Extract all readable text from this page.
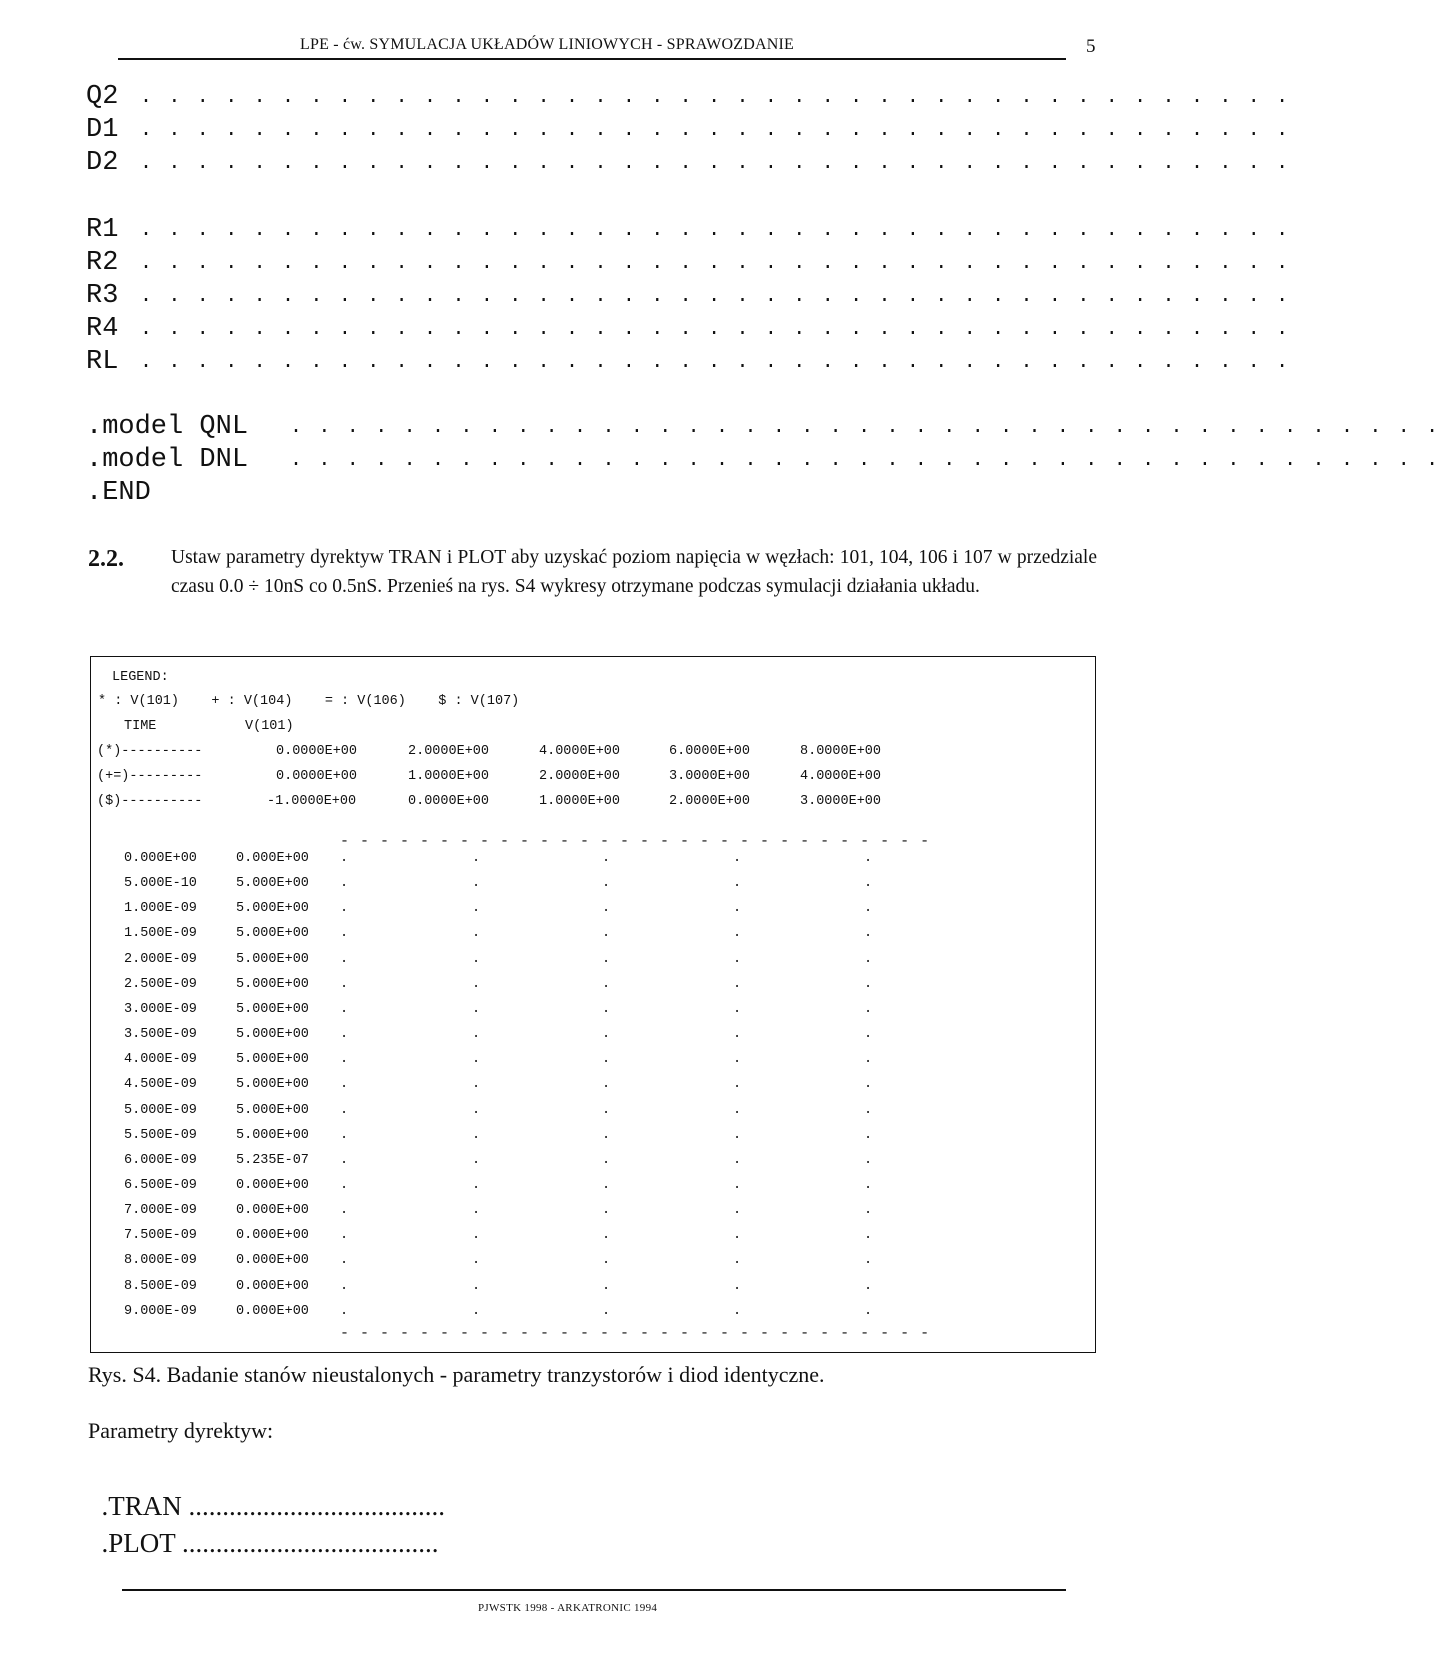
LPE - ćw. SYMULACJA UKŁADÓW LINIOWYCH - SPRAWOZDANIE	5
Q2 . . . . . . . . . . . . . . . . . . . . . . . . . . . . . . . . . . . . . . . . .
D1 . . . . . . . . . . . . . . . . . . . . . . . . . . . . . . . . . . . . . . . . .
D2 . . . . . . . . . . . . . . . . . . . . . . . . . . . . . . . . . . . . . . . . .
R1 . . . . . . . . . . . . . . . . . . . . . . . . . . . . . . . . . . . . . . . . .
R2 . . . . . . . . . . . . . . . . . . . . . . . . . . . . . . . . . . . . . . . . .
R3 . . . . . . . . . . . . . . . . . . . . . . . . . . . . . . . . . . . . . . . . .
R4 . . . . . . . . . . . . . . . . . . . . . . . . . . . . . . . . . . . . . . . . .
RL . . . . . . . . . . . . . . . . . . . . . . . . . . . . . . . . . . . . . . . . .
.model QNL . . . . . . . . . . . . . . . . . . . . . . . . . . . . . . . . . . . . . . . . .
.model DNL . . . . . . . . . . . . . . . . . . . . . . . . . . . . . . . . . . . . . . . . .
.END
2.2. Ustaw parametry dyrektyw TRAN i PLOT aby uzyskać poziom napięcia w węzłach: 101, 104, 106 i 107 w przedziale czasu 0.0 ÷ 10nS co 0.5nS. Przenieś na rys. S4 wykresy otrzymane podczas symulacji działania układu.
LEGEND:
* : V(101)    + : V(104)    = : V(106)    $ : V(107)
TIME	V(101)
(*)----------	0.0000E+00	2.0000E+00	4.0000E+00	6.0000E+00	8.0000E+00
(+=)---------	0.0000E+00	1.0000E+00	2.0000E+00	3.0000E+00	4.0000E+00
($)----------	-1.0000E+00	0.0000E+00	1.0000E+00	2.0000E+00	3.0000E+00
- - - - - - - - - - - - - - - - - - - - - - - - - - - - - -
- - - - - - - - - - - - - - - - - - - - - - - - - - - - - -
0.000E+00	0.000E+00 .	.	.	.	.
5.000E-10	5.000E+00 .	.	.	.	.
1.000E-09	5.000E+00 .	.	.	.	.
1.500E-09	5.000E+00 .	.	.	.	.
2.000E-09	5.000E+00 .	.	.	.	.
2.500E-09	5.000E+00 .	.	.	.	.
3.000E-09	5.000E+00 .	.	.	.	.
3.500E-09	5.000E+00 .	.	.	.	.
4.000E-09	5.000E+00 .	.	.	.	.
4.500E-09	5.000E+00 .	.	.	.	.
5.000E-09	5.000E+00 .	.	.	.	.
5.500E-09	5.000E+00 .	.	.	.	.
6.000E-09	5.235E-07 .	.	.	.	.
6.500E-09	0.000E+00 .	.	.	.	.
7.000E-09	0.000E+00 .	.	.	.	.
7.500E-09	0.000E+00 .	.	.	.	.
8.000E-09	0.000E+00 .	.	.	.	.
8.500E-09	0.000E+00 .	.	.	.	.
9.000E-09	0.000E+00 .	.	.	.	.
Rys. S4. Badanie stanów nieustalonych - parametry tranzystorów i diod identyczne.
Parametry dyrektyw:

.TRAN ......................................

.PLOT ......................................

PJWSTK 1998 - ARKATRONIC 1994
